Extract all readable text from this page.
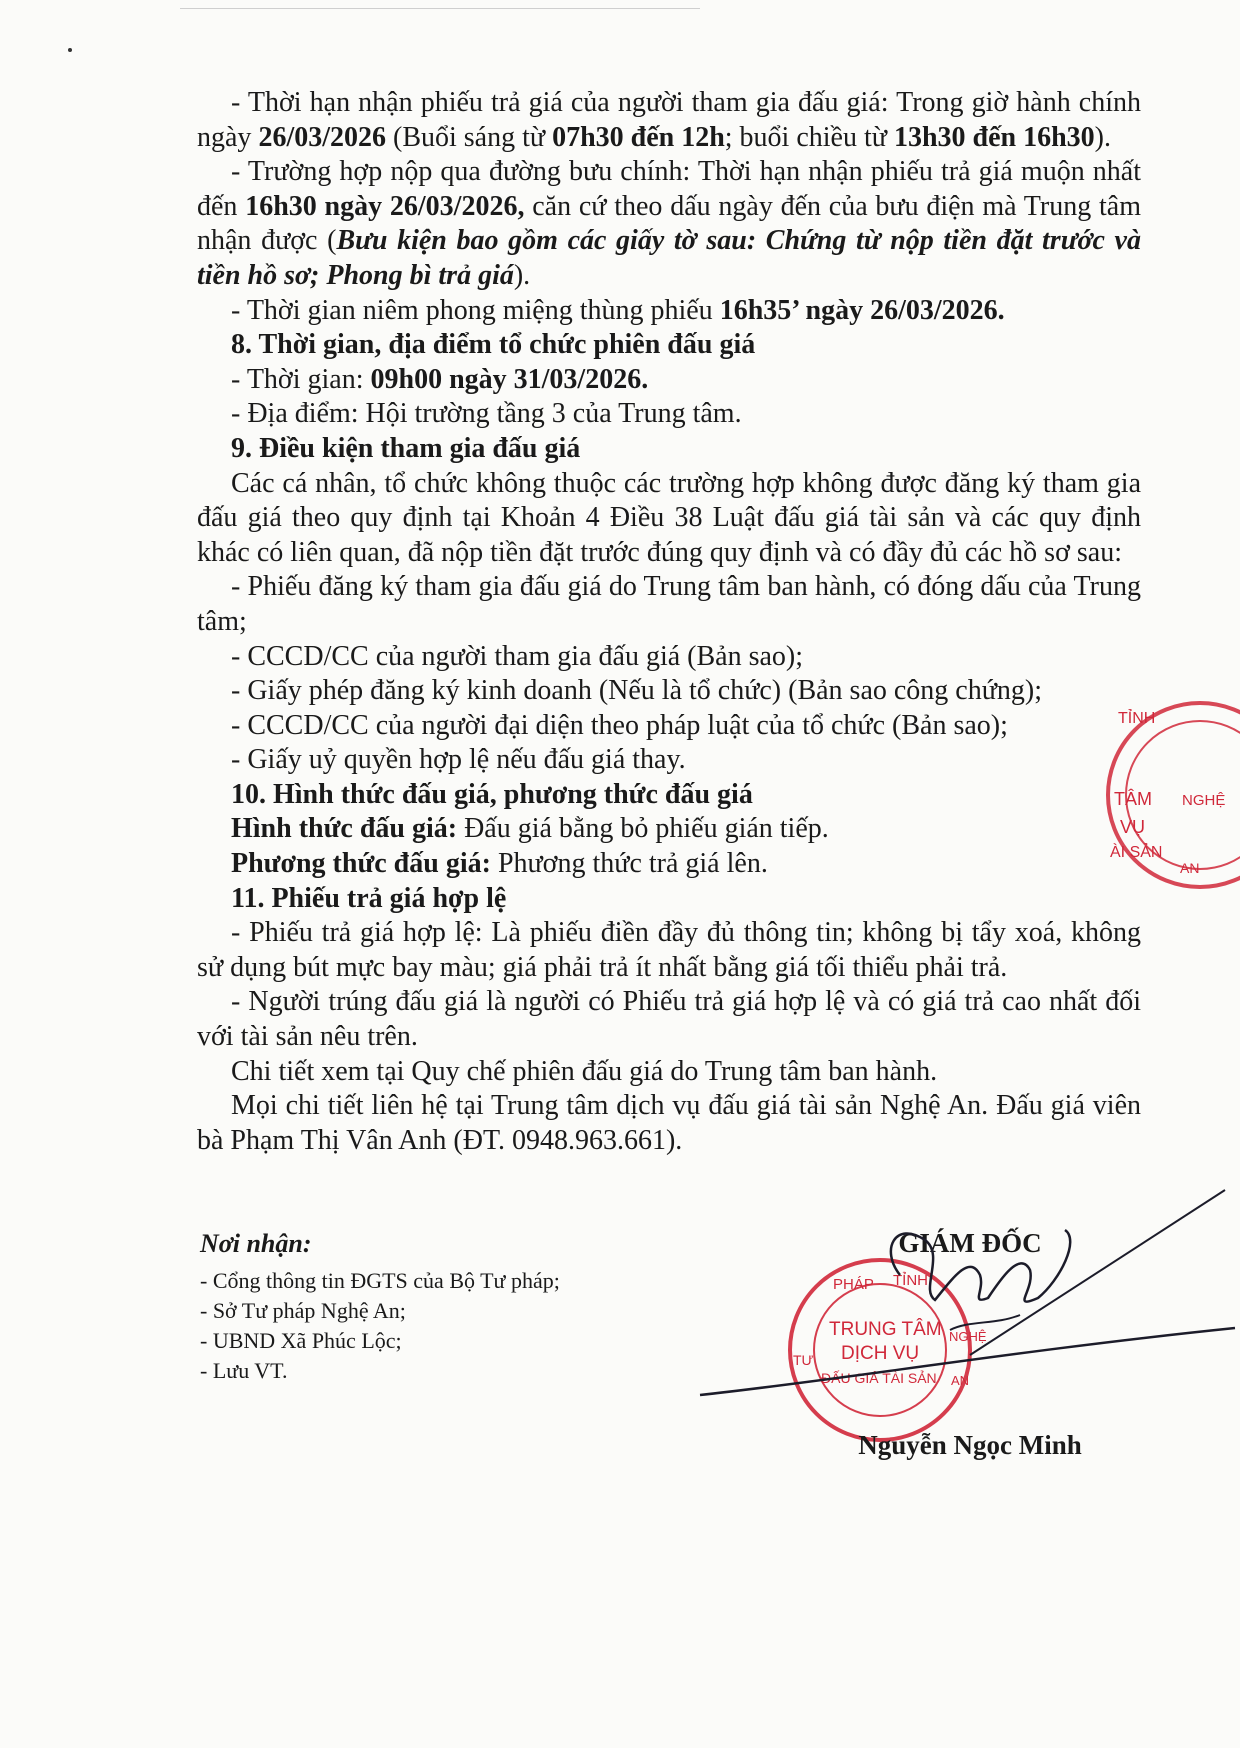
- Thời hạn nhận phiếu trả giá của người tham gia đấu giá: Trong giờ hành chính ngày 26/03/2026 (Buổi sáng từ 07h30 đến 12h; buổi chiều từ 13h30 đến 16h30).

- Trường hợp nộp qua đường bưu chính: Thời hạn nhận phiếu trả giá muộn nhất đến 16h30 ngày 26/03/2026, căn cứ theo dấu ngày đến của bưu điện mà Trung tâm nhận được (Bưu kiện bao gồm các giấy tờ sau: Chứng từ nộp tiền đặt trước và tiền hồ sơ; Phong bì trả giá).

- Thời gian niêm phong miệng thùng phiếu 16h35’ ngày 26/03/2026.

8. Thời gian, địa điểm tổ chức phiên đấu giá

- Thời gian: 09h00 ngày 31/03/2026.

- Địa điểm: Hội trường tầng 3 của Trung tâm.

9. Điều kiện tham gia đấu giá

Các cá nhân, tổ chức không thuộc các trường hợp không được đăng ký tham gia đấu giá theo quy định tại Khoản 4 Điều 38 Luật đấu giá tài sản và các quy định khác có liên quan, đã nộp tiền đặt trước đúng quy định và có đầy đủ các hồ sơ sau:

- Phiếu đăng ký tham gia đấu giá do Trung tâm ban hành, có đóng dấu của Trung tâm;

- CCCD/CC của người tham gia đấu giá (Bản sao);

- Giấy phép đăng ký kinh doanh (Nếu là tổ chức) (Bản sao công chứng);

- CCCD/CC của người đại diện theo pháp luật của tổ chức (Bản sao);

- Giấy uỷ quyền hợp lệ nếu đấu giá thay.

10. Hình thức đấu giá, phương thức đấu giá

Hình thức đấu giá: Đấu giá bằng bỏ phiếu gián tiếp.

Phương thức đấu giá: Phương thức trả giá lên.

11. Phiếu trả giá hợp lệ

- Phiếu trả giá hợp lệ: Là phiếu điền đầy đủ thông tin; không bị tẩy xoá, không sử dụng bút mực bay màu; giá phải trả ít nhất bằng giá tối thiểu phải trả.

- Người trúng đấu giá là người có Phiếu trả giá hợp lệ và có giá trả cao nhất đối với tài sản nêu trên.

Chi tiết xem tại Quy chế phiên đấu giá do Trung tâm ban hành.

Mọi chi tiết liên hệ tại Trung tâm dịch vụ đấu giá tài sản Nghệ An. Đấu giá viên bà Phạm Thị Vân Anh (ĐT. 0948.963.661).

Nơi nhận:
- Cổng thông tin ĐGTS của Bộ Tư pháp;
- Sở Tư pháp Nghệ An;
- UBND Xã Phúc Lộc;
- Lưu VT.
TỈNH
TÂM NGHỆ
VỤ
ÀI SẢN
AN
GIÁM ĐỐC
PHÁP TỈNH
TRUNG TÂM
DỊCH VỤ
ĐẤU GIÁ TÀI SẢN
TƯ
NGHỆ
AN
Nguyễn Ngọc Minh
